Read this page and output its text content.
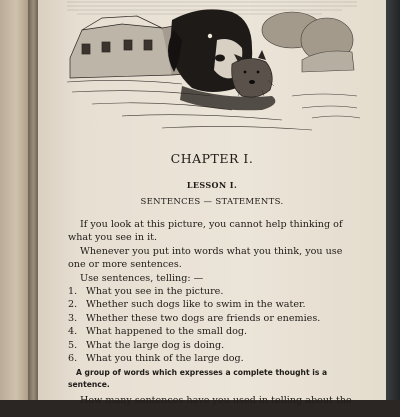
CHAPTER I.
LESSON I.
SENTENCES — STATEMENTS.

If you look at this picture, you cannot help thinking of

what you see in it.

Whenever you put into words what you think, you use

one or more sentences.

Use sentences, telling: —

1. What you see in the picture.
2. Whether such dogs like to swim in the water.
3. Whether these two dogs are friends or enemies.
4. What happened to the small dog.
5. What the large dog is doing.
6. What you think of the large dog.

A group of words which expresses a complete thought is a
sentence.

How many sentences have you used in telling about the
